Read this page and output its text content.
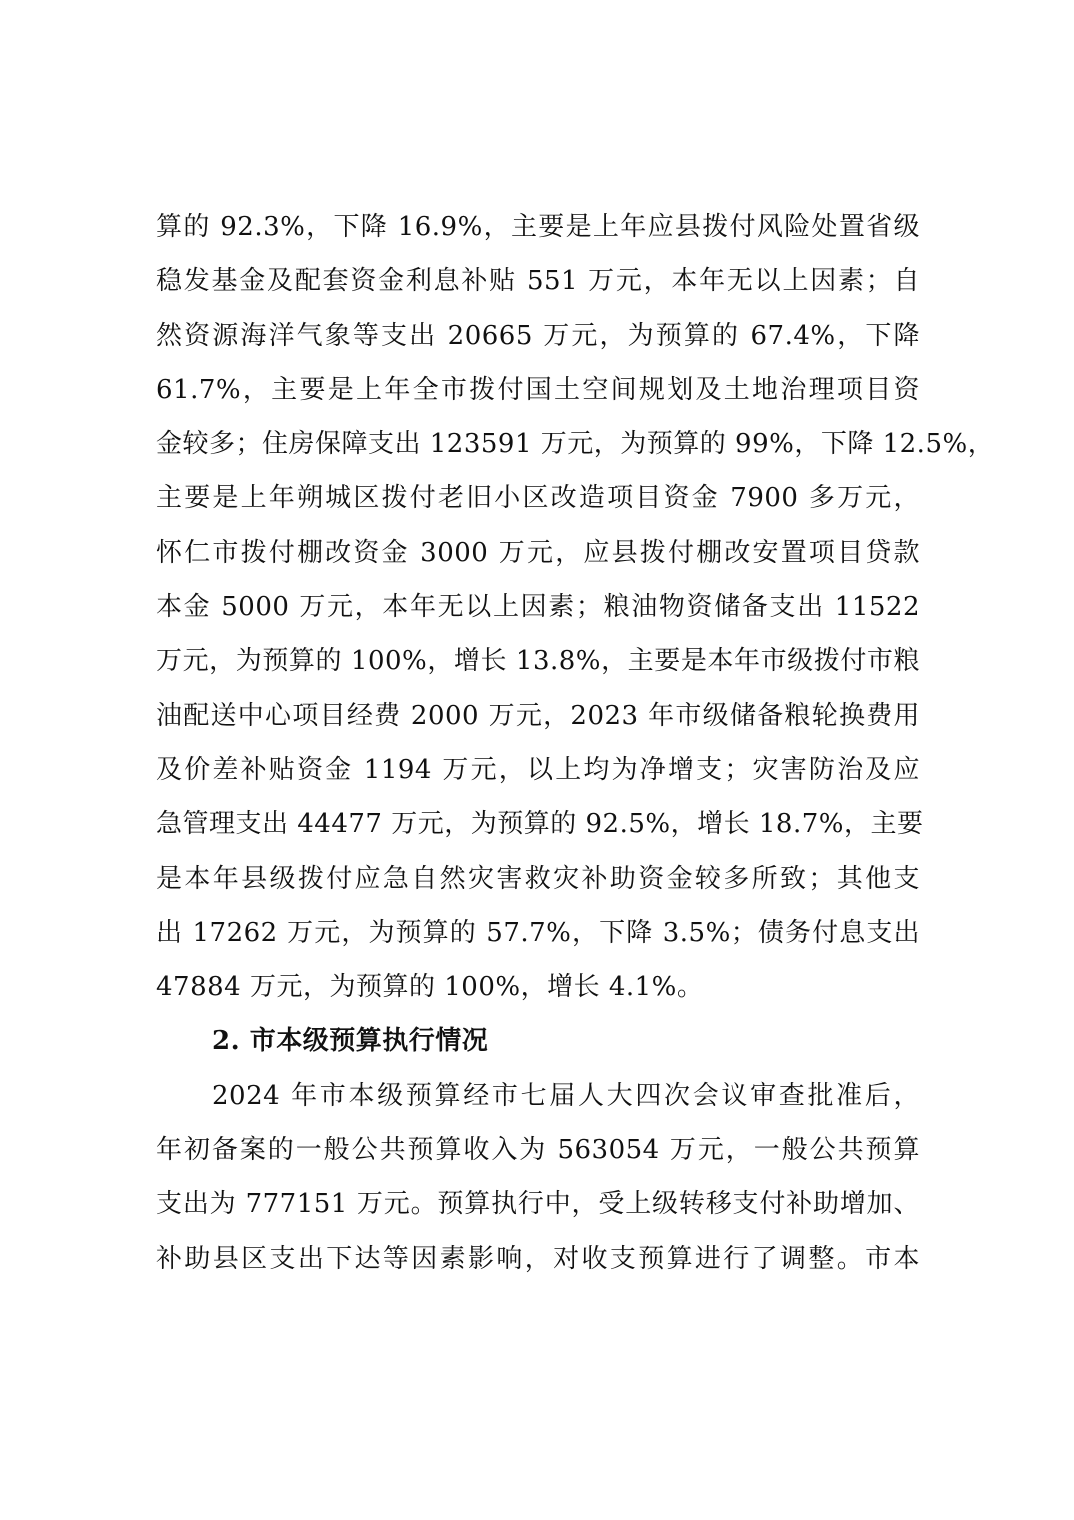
算的 92.3%，下降 16.9%，主要是上年应县拨付风险处置省级
稳发基金及配套资金利息补贴 551 万元，本年无以上因素；自
然资源海洋气象等支出 20665 万元，为预算的 67.4%，下降
61.7%，主要是上年全市拨付国土空间规划及土地治理项目资
金较多；住房保障支出 123591 万元，为预算的 99%，下降 12.5%，
主要是上年朔城区拨付老旧小区改造项目资金 7900 多万元，
怀仁市拨付棚改资金 3000 万元，应县拨付棚改安置项目贷款
本金 5000 万元，本年无以上因素；粮油物资储备支出 11522
万元，为预算的 100%，增长 13.8%，主要是本年市级拨付市粮
油配送中心项目经费 2000 万元，2023 年市级储备粮轮换费用
及价差补贴资金 1194 万元，以上均为净增支；灾害防治及应
急管理支出 44477 万元，为预算的 92.5%，增长 18.7%，主要
是本年县级拨付应急自然灾害救灾补助资金较多所致；其他支
出 17262 万元，为预算的 57.7%，下降 3.5%；债务付息支出
47884 万元，为预算的 100%，增长 4.1%。
2. 市本级预算执行情况
2024 年市本级预算经市七届人大四次会议审查批准后，
年初备案的一般公共预算收入为 563054 万元，一般公共预算
支出为 777151 万元。预算执行中，受上级转移支付补助增加、
补助县区支出下达等因素影响，对收支预算进行了调整。市本
